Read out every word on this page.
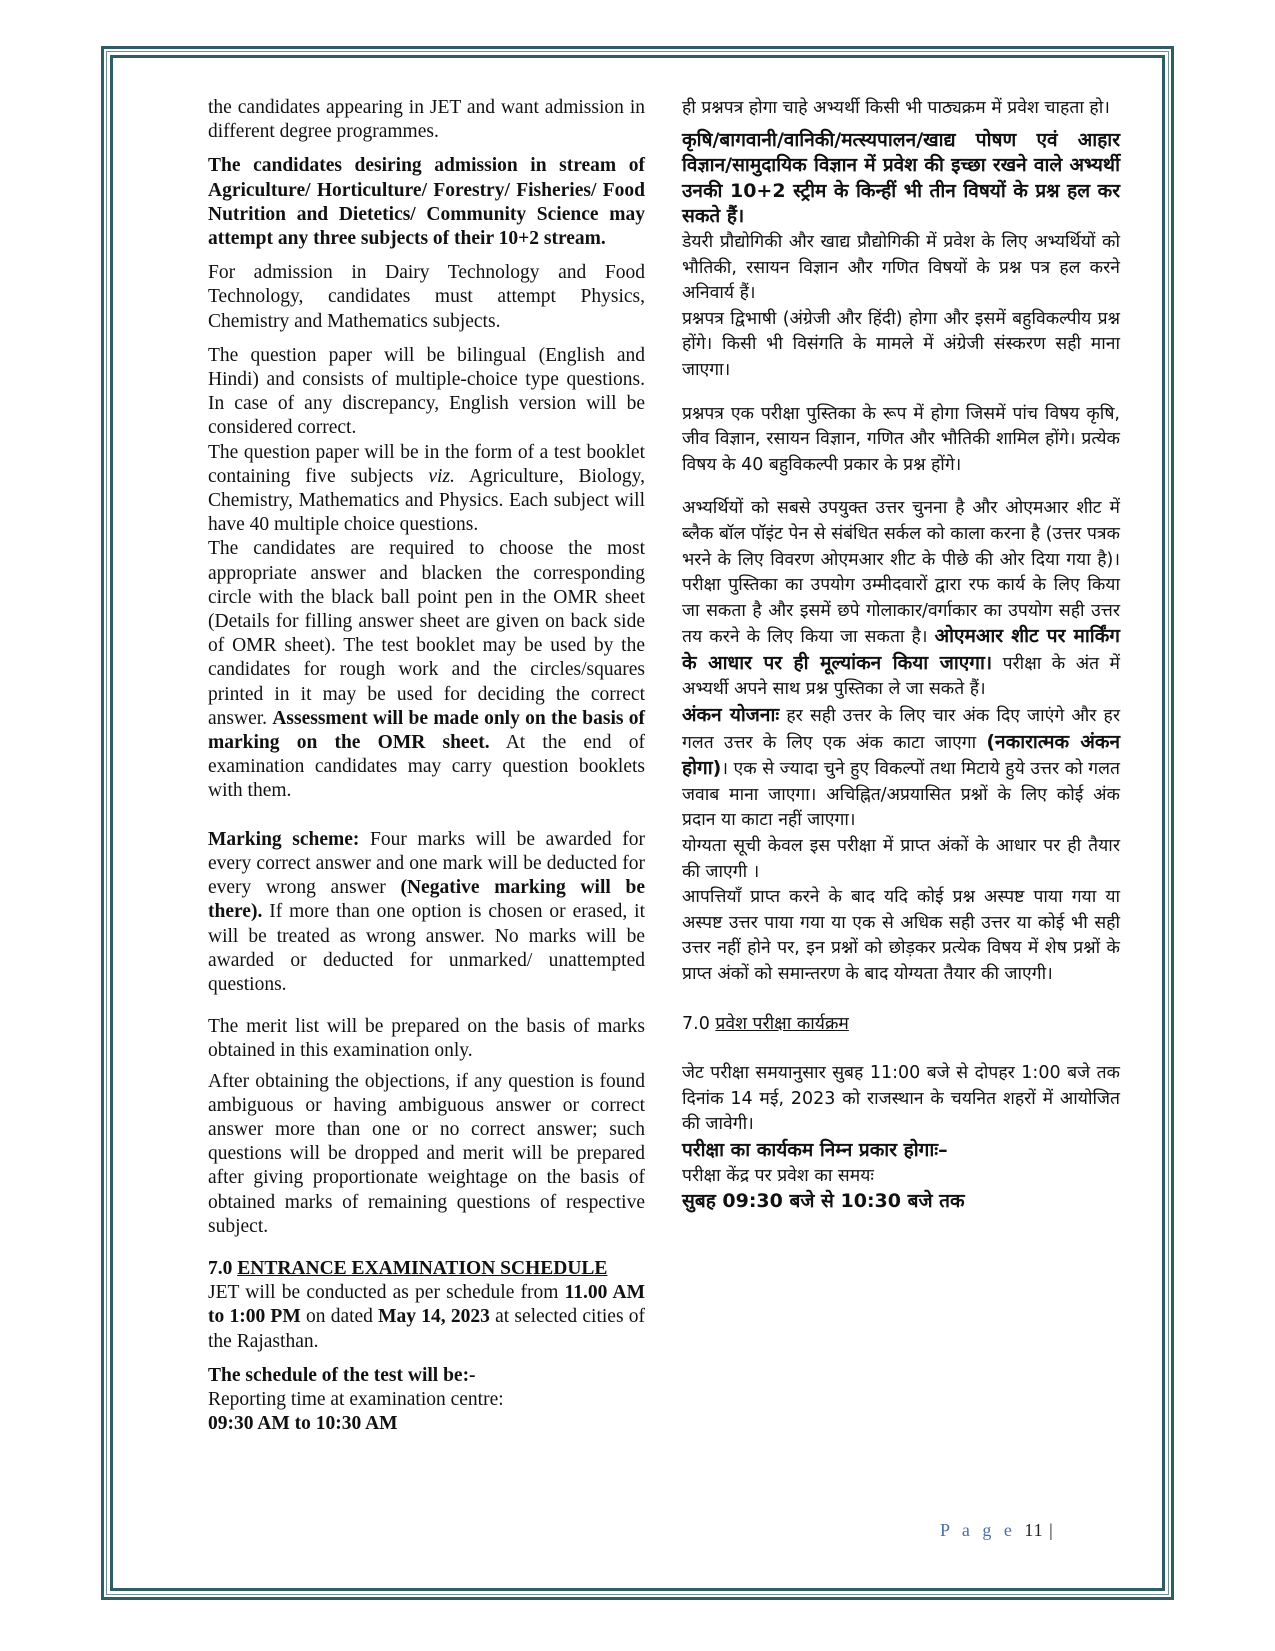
the candidates appearing in JET and want admission in different degree programmes.

The candidates desiring admission in stream of Agriculture/ Horticulture/ Forestry/ Fisheries/ Food Nutrition and Dietetics/ Community Science may attempt any three subjects of their 10+2 stream.

For admission in Dairy Technology and Food Technology, candidates must attempt Physics, Chemistry and Mathematics subjects.

The question paper will be bilingual (English and Hindi) and consists of multiple-choice type questions. In case of any discrepancy, English version will be considered correct.

The question paper will be in the form of a test booklet containing five subjects viz. Agriculture, Biology, Chemistry, Mathematics and Physics. Each subject will have 40 multiple choice questions.

The candidates are required to choose the most appropriate answer and blacken the corresponding circle with the black ball point pen in the OMR sheet (Details for filling answer sheet are given on back side of OMR sheet). The test booklet may be used by the candidates for rough work and the circles/squares printed in it may be used for deciding the correct answer. Assessment will be made only on the basis of marking on the OMR sheet. At the end of examination candidates may carry question booklets with them.

Marking scheme: Four marks will be awarded for every correct answer and one mark will be deducted for every wrong answer (Negative marking will be there). If more than one option is chosen or erased, it will be treated as wrong answer. No marks will be awarded or deducted for unmarked/ unattempted questions.

The merit list will be prepared on the basis of marks obtained in this examination only.

After obtaining the objections, if any question is found ambiguous or having ambiguous answer or correct answer more than one or no correct answer; such questions will be dropped and merit will be prepared after giving proportionate weightage on the basis of obtained marks of remaining questions of respective subject.

7.0 ENTRANCE EXAMINATION SCHEDULE

JET will be conducted as per schedule from 11.00 AM to 1:00 PM on dated May 14, 2023 at selected cities of the Rajasthan.

The schedule of the test will be:-

Reporting time at examination centre:

09:30 AM to 10:30 AM

ही प्रश्नपत्र होगा चाहे अभ्यर्थी किसी भी पाठ्यक्रम में प्रवेश चाहता हो।

कृषि/बागवानी/वानिकी/मत्स्यपालन/खाद्य पोषण एवं आहार विज्ञान/सामुदायिक विज्ञान में प्रवेश की इच्छा रखने वाले अभ्यर्थी उनकी 10+2 स्ट्रीम के किन्हीं भी तीन विषयों के प्रश्न हल कर सकते हैं।

डेयरी प्रौद्योगिकी और खाद्य प्रौद्योगिकी में प्रवेश के लिए अभ्यर्थियों को भौतिकी, रसायन विज्ञान और गणित विषयों के प्रश्न पत्र हल करने अनिवार्य हैं।

प्रश्नपत्र द्विभाषी (अंग्रेजी और हिंदी) होगा और इसमें बहुविकल्पीय प्रश्न होंगे। किसी भी विसंगति के मामले में अंग्रेजी संस्करण सही माना जाएगा।

प्रश्नपत्र एक परीक्षा पुस्तिका के रूप में होगा जिसमें पांच विषय कृषि, जीव विज्ञान, रसायन विज्ञान, गणित और भौतिकी शामिल होंगे। प्रत्येक विषय के 40 बहुविकल्पी प्रकार के प्रश्न होंगे।

अभ्यर्थियों को सबसे उपयुक्त उत्तर चुनना है और ओएमआर शीट में ब्लैक बॉल पॉइंट पेन से संबंधित सर्कल को काला करना है (उत्तर पत्रक भरने के लिए विवरण ओएमआर शीट के पीछे की ओर दिया गया है)। परीक्षा पुस्तिका का उपयोग उम्मीदवारों द्वारा रफ कार्य के लिए किया जा सकता है और इसमें छपे गोलाकार/वर्गाकार का उपयोग सही उत्तर तय करने के लिए किया जा सकता है। ओएमआर शीट पर मार्किंग के आधार पर ही मूल्यांकन किया जाएगा। परीक्षा के अंत में अभ्यर्थी अपने साथ प्रश्न पुस्तिका ले जा सकते हैं।

अंकन योजनाः हर सही उत्तर के लिए चार अंक दिए जाएंगे और हर गलत उत्तर के लिए एक अंक काटा जाएगा (नकारात्मक अंकन होगा)। एक से ज्यादा चुने हुए विकल्पों तथा मिटाये हुये उत्तर को गलत जवाब माना जाएगा। अचिह्नित/अप्रयासित प्रश्नों के लिए कोई अंक प्रदान या काटा नहीं जाएगा।

योग्यता सूची केवल इस परीक्षा में प्राप्त अंकों के आधार पर ही तैयार की जाएगी ।

आपत्तियाँ प्राप्त करने के बाद यदि कोई प्रश्न अस्पष्ट पाया गया या अस्पष्ट उत्तर पाया गया या एक से अधिक सही उत्तर या कोई भी सही उत्तर नहीं होने पर, इन प्रश्नों को छोड़कर प्रत्येक विषय में शेष प्रश्नों के प्राप्त अंकों को समान्तरण के बाद योग्यता तैयार की जाएगी।

7.0 प्रवेश परीक्षा कार्यक्रम

जेट परीक्षा समयानुसार सुबह 11:00 बजे से दोपहर 1:00 बजे तक दिनांक 14 मई, 2023 को राजस्थान के चयनित शहरों में आयोजित की जावेगी।

परीक्षा का कार्यकम निम्न प्रकार होगाः–

परीक्षा केंद्र पर प्रवेश का समयः

सुबह 09:30 बजे से 10:30 बजे तक

P a g e 11 |
